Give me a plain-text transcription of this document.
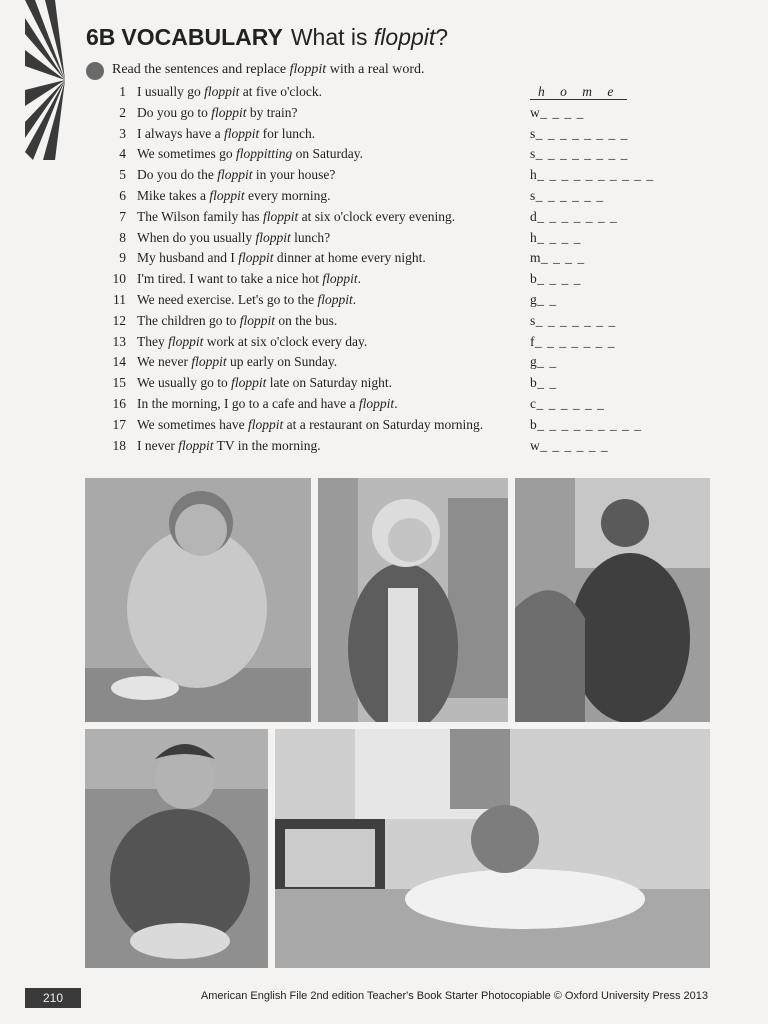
6B VOCABULARY What is floppit?
Read the sentences and replace floppit with a real word.
1 I usually go floppit at five o'clock.	h o m e
2 Do you go to floppit by train?	w_ _ _ _
3 I always have a floppit for lunch.	s_ _ _ _ _ _ _ _
4 We sometimes go floppitting on Saturday.	s_ _ _ _ _ _ _ _
5 Do you do the floppit in your house?	h_ _ _ _ _ _ _ _ _ _
6 Mike takes a floppit every morning.	s_ _ _ _ _ _
7 The Wilson family has floppit at six o'clock every evening.	d_ _ _ _ _ _ _
8 When do you usually floppit lunch?	h_ _ _ _
9 My husband and I floppit dinner at home every night.	m_ _ _ _
10 I'm tired. I want to take a nice hot floppit.	b_ _ _ _
11 We need exercise. Let's go to the floppit.	g_ _
12 The children go to floppit on the bus.	s_ _ _ _ _ _ _
13 They floppit work at six o'clock every day.	f_ _ _ _ _ _ _
14 We never floppit up early on Sunday.	g_ _
15 We usually go to floppit late on Saturday night.	b_ _
16 In the morning, I go to a cafe and have a floppit.	c_ _ _ _ _ _
17 We sometimes have floppit at a restaurant on Saturday morning.	b_ _ _ _ _ _ _ _ _
18 I never floppit TV in the morning.	w_ _ _ _ _ _
210	American English File 2nd edition Teacher's Book Starter Photocopiable © Oxford University Press 2013
